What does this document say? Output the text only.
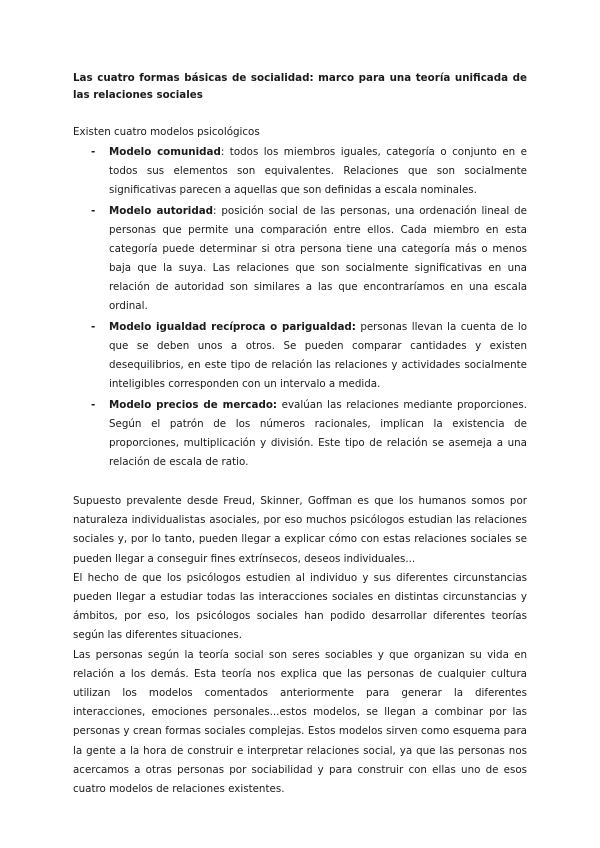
Las cuatro formas básicas de socialidad: marco para una teoría unificada de las relaciones sociales
Existen cuatro modelos psicológicos
- Modelo comunidad: todos los miembros iguales, categoría o conjunto en e todos sus elementos son equivalentes. Relaciones que son socialmente significativas parecen a aquellas que son definidas a escala nominales.
- Modelo autoridad: posición social de las personas, una ordenación lineal de personas que permite una comparación entre ellos. Cada miembro en esta categoría puede determinar si otra persona tiene una categoría más o menos baja que la suya. Las relaciones que son socialmente significativas en una relación de autoridad son similares a las que encontraríamos en una escala ordinal.
- Modelo igualdad recíproca o parigualdad: personas llevan la cuenta de lo que se deben unos a otros. Se pueden comparar cantidades y existen desequilibrios, en este tipo de relación las relaciones y actividades socialmente inteligibles corresponden con un intervalo a medida.
- Modelo precios de mercado: evalúan las relaciones mediante proporciones. Según el patrón de los números racionales, implican la existencia de proporciones, multiplicación y división. Este tipo de relación se asemeja a una relación de escala de ratio.

Supuesto prevalente desde Freud, Skinner, Goffman es que los humanos somos por naturaleza individualistas asociales, por eso muchos psicólogos estudian las relaciones sociales y, por lo tanto, pueden llegar a explicar cómo con estas relaciones sociales se pueden llegar a conseguir fines extrínsecos, deseos individuales...

El hecho de que los psicólogos estudien al individuo y sus diferentes circunstancias pueden llegar a estudiar todas las interacciones sociales en distintas circunstancias y ámbitos, por eso, los psicólogos sociales han podido desarrollar diferentes teorías según las diferentes situaciones.

Las personas según la teoría social son seres sociables y que organizan su vida en relación a los demás. Esta teoría nos explica que las personas de cualquier cultura utilizan los modelos comentados anteriormente para generar la diferentes interacciones, emociones personales...estos modelos, se llegan a combinar por las personas y crean formas sociales complejas. Estos modelos sirven como esquema para la gente a la hora de construir e interpretar relaciones social, ya que las personas nos acercamos a otras personas por sociabilidad y para construir con ellas uno de esos cuatro modelos de relaciones existentes.
